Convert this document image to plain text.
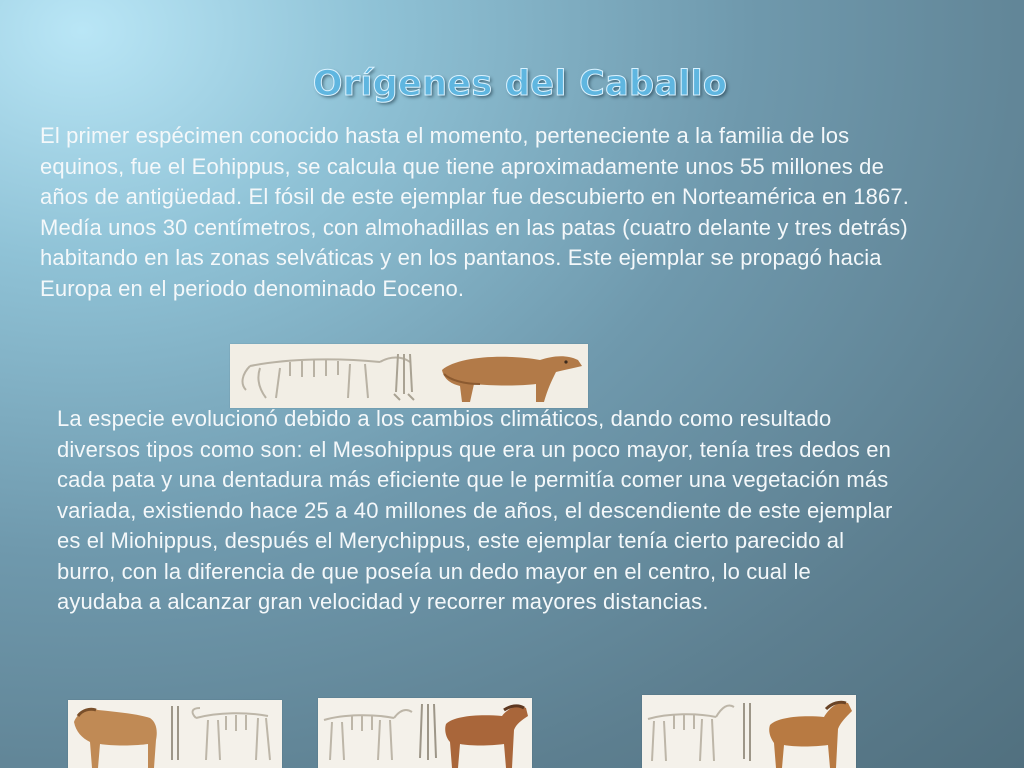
Orígenes del Caballo

El primer espécimen conocido hasta el momento, perteneciente a la familia de los equinos, fue el Eohippus, se calcula que tiene aproximadamente unos 55 millones de años de antigüedad. El fósil de este ejemplar fue descubierto en Norteamérica en 1867. Medía unos 30 centímetros, con almohadillas en las patas (cuatro delante y tres detrás) habitando en las zonas selváticas y en los pantanos. Este ejemplar se propagó hacia Europa en el periodo denominado Eoceno.

La especie evolucionó debido a los cambios climáticos, dando como resultado diversos tipos como son: el Mesohippus que era un poco mayor, tenía tres dedos en cada pata y una dentadura más eficiente que le permitía comer una vegetación más variada, existiendo hace 25 a 40 millones de años, el descendiente de este ejemplar es el Miohippus, después el Merychippus, este ejemplar tenía cierto parecido al burro, con la diferencia de que poseía un dedo mayor en el centro, lo cual le ayudaba a alcanzar gran velocidad y recorrer mayores distancias.
